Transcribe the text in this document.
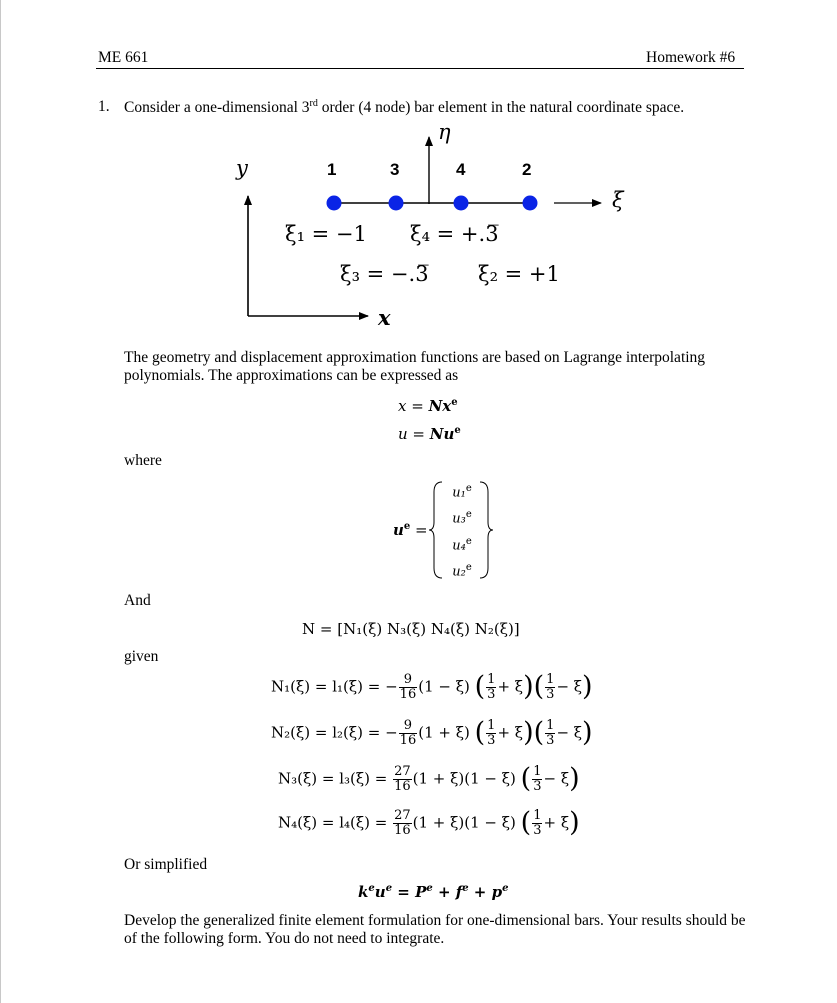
ME 661	Homework #6
1. Consider a one-dimensional 3rd order (4 node) bar element in the natural coordinate space.
η
ξ
y
x
1	3	4	2
ξ₁ = −1 ξ₄ = +.3̅
ξ₃ = −.3̅ ξ₂ = +1
The geometry and displacement approximation functions are based on Lagrange interpolating polynomials. The approximations can be expressed as
$x = Nx^e$
$u = Nu^e$
where
$u^e$ =
u₁$^e$
u₃$^e$
u₄$^e$
u₂$^e$
And
N = [N₁(ξ) N₃(ξ) N₄(ξ) N₂(ξ)]
given
N₁(ξ) = l₁(ξ) = − $\frac{9}{16} (1 - \xi)$ ( $\frac{1}{3} + \xi)( \frac{1}{3} - \xi)$
N₂(ξ) = l₂(ξ) = − $\frac{9}{16} (1 + \xi)$ ( $\frac{1}{3} + \xi)( \frac{1}{3} - \xi)$
$N_3(\xi) = l_3(\xi) = \frac{27}{16} (1 + \xi)(1 - \xi)$ ( $\frac{1}{3} - \xi$)
$N_4(\xi) = l_4(\xi) = \frac{27}{16} (1 + \xi)(1 - \xi)$ ( $\frac{1}{3} + \xi$)
Or simplified
$k^eu^e = P^e + f^e + p^e$
Develop the generalized finite element formulation for one-dimensional bars. Your results should be of the following form. You do not need to integrate.
